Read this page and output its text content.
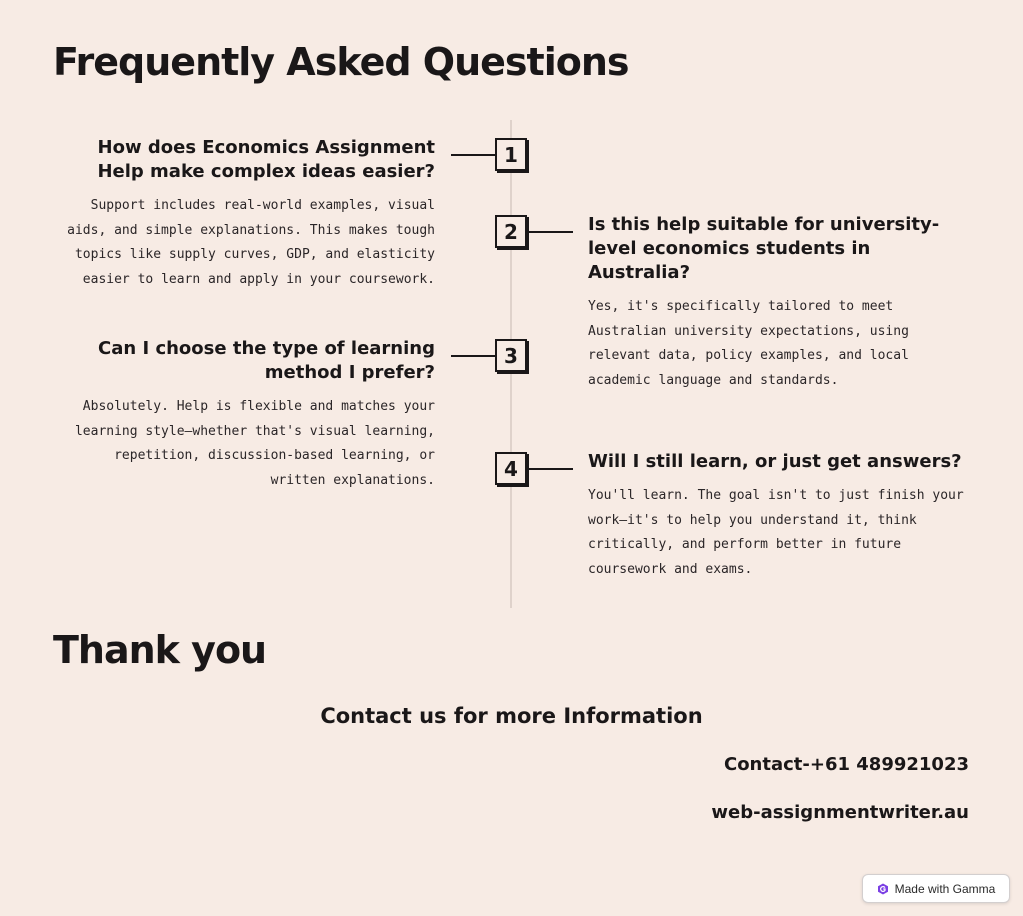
Frequently Asked Questions
1
2
3
4
How does Economics Assignment Help make complex ideas easier?

Support includes real-world examples, visual aids, and simple explanations. This makes tough topics like supply curves, GDP, and elasticity easier to learn and apply in your coursework.

Is this help suitable for university-level economics students in Australia?

Yes, it's specifically tailored to meet Australian university expectations, using relevant data, policy examples, and local academic language and standards.

Can I choose the type of learning method I prefer?

Absolutely. Help is flexible and matches your learning style—whether that's visual learning, repetition, discussion-based learning, or written explanations.

Will I still learn, or just get answers?

You'll learn. The goal isn't to just finish your work—it's to help you understand it, think critically, and perform better in future coursework and exams.

Thank you
Contact us for more Information
Contact-+61 489921023
web-assignmentwriter.au
Made with Gamma
